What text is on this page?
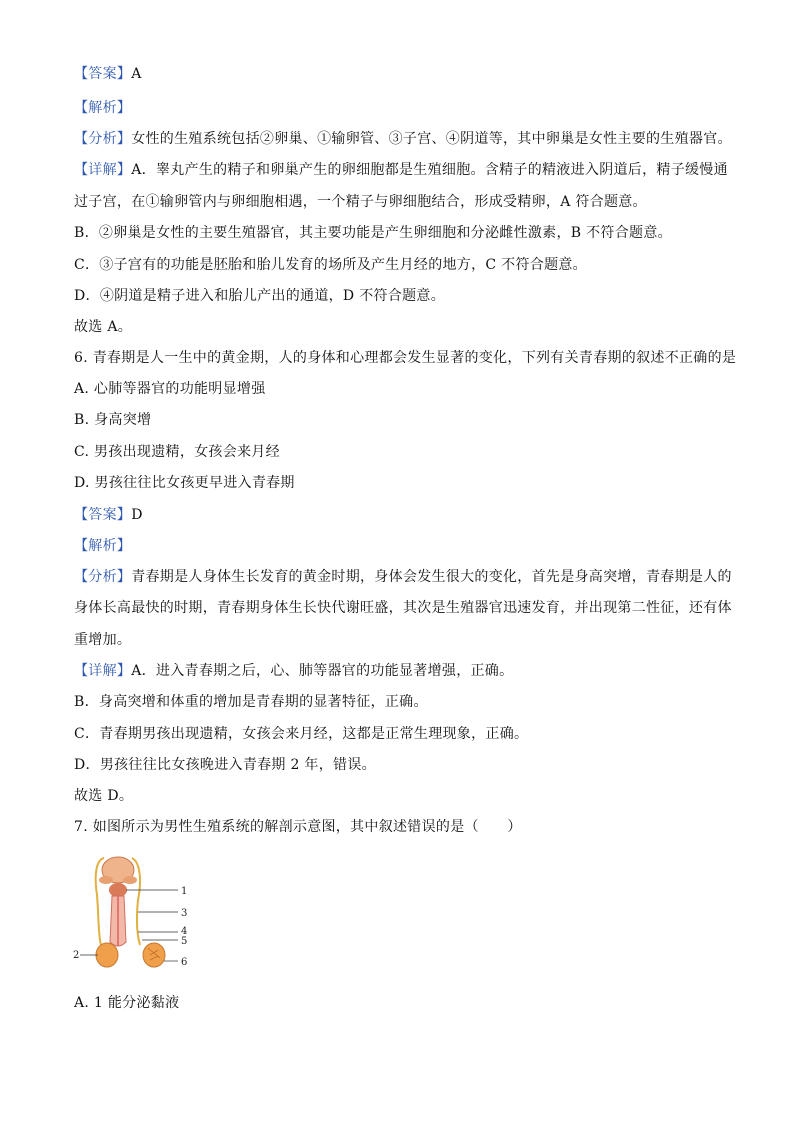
【答案】A
【解析】
【分析】女性的生殖系统包括②卵巢、①输卵管、③子宫、④阴道等，其中卵巢是女性主要的生殖器官。
【详解】A．睾丸产生的精子和卵巢产生的卵细胞都是生殖细胞。含精子的精液进入阴道后，精子缓慢通
过子宫，在①输卵管内与卵细胞相遇，一个精子与卵细胞结合，形成受精卵，A 符合题意。
B．②卵巢是女性的主要生殖器官，其主要功能是产生卵细胞和分泌雌性激素，B 不符合题意。
C．③子宫有的功能是胚胎和胎儿发育的场所及产生月经的地方，C 不符合题意。
D．④阴道是精子进入和胎儿产出的通道，D 不符合题意。
故选 A。
6. 青春期是人一生中的黄金期，人的身体和心理都会发生显著的变化，下列有关青春期的叙述不正确的是
A. 心肺等器官的功能明显增强
B. 身高突增
C. 男孩出现遗精，女孩会来月经
D. 男孩往往比女孩更早进入青春期
【答案】D
【解析】
【分析】青春期是人身体生长发育的黄金时期，身体会发生很大的变化，首先是身高突增，青春期是人的
身体长高最快的时期，青春期身体生长快代谢旺盛，其次是生殖器官迅速发育，并出现第二性征，还有体
重增加。
【详解】A．进入青春期之后，心、肺等器官的功能显著增强，正确。
B．身高突增和体重的增加是青春期的显著特征，正确。
C．青春期男孩出现遗精，女孩会来月经，这都是正常生理现象，正确。
D．男孩往往比女孩晚进入青春期 2 年，错误。
故选 D。
7. 如图所示为男性生殖系统的解剖示意图，其中叙述错误的是（　　）
1
2
3
4
5
6
A. 1 能分泌黏液
